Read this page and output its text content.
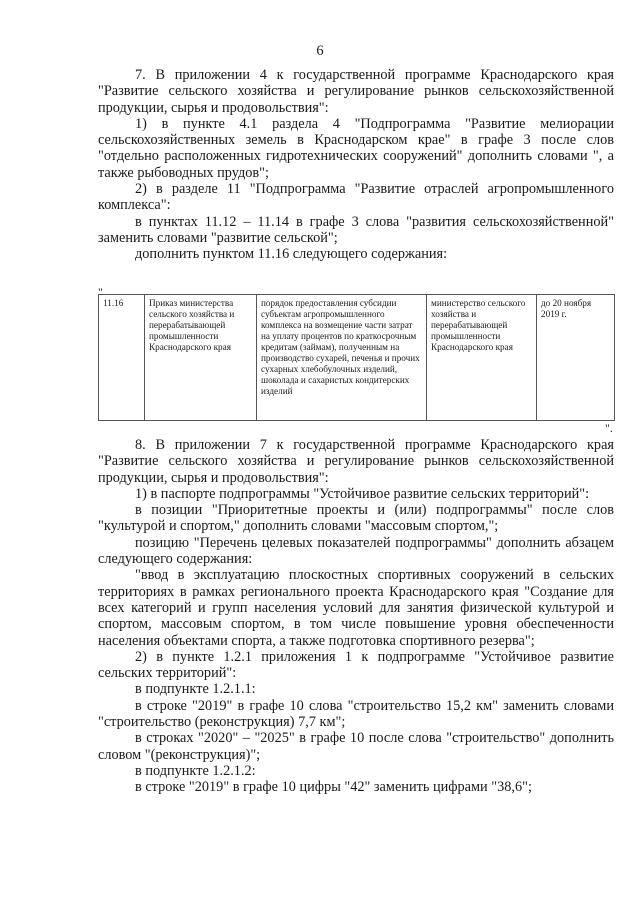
6

7. В приложении 4 к государственной программе Краснодарского края "Развитие сельского хозяйства и регулирование рынков сельскохозяйственной продукции, сырья и продовольствия":

1) в пункте 4.1 раздела 4 "Подпрограмма "Развитие мелиорации сельскохозяйственных земель в Краснодарском крае" в графе 3 после слов "отдельно расположенных гидротехнических сооружений" дополнить словами ", а также рыбоводных прудов";

2) в разделе 11 "Подпрограмма "Развитие отраслей агропромышленного комплекса":

в пунктах 11.12 – 11.14 в графе 3 слова "развития сельскохозяйственной" заменить словами "развитие сельской";

дополнить пунктом 11.16 следующего содержания:

"
11.16	Приказ министерства сельского хозяйства и перерабатывающей промышленности Краснодарского края	порядок предоставления субсидии субъектам агропромышленного комплекса на возмещение части затрат на уплату процентов по краткосрочным кредитам (займам), полученным на производство сухарей, печенья и прочих сухарных хлебобулочных изделий, шоколада и сахаристых кондитерских изделий	министерство сельского хозяйства и перерабатывающей промышленности Краснодарского края	до 20 ноября 2019 г.
".

8. В приложении 7 к государственной программе Краснодарского края "Развитие сельского хозяйства и регулирование рынков сельскохозяйственной продукции, сырья и продовольствия":

1) в паспорте подпрограммы "Устойчивое развитие сельских территорий":

в позиции "Приоритетные проекты и (или) подпрограммы" после слов "культурой и спортом," дополнить словами "массовым спортом,";

позицию "Перечень целевых показателей подпрограммы" дополнить абзацем следующего содержания:

"ввод в эксплуатацию плоскостных спортивных сооружений в сельских территориях в рамках регионального проекта Краснодарского края "Создание для всех категорий и групп населения условий для занятия физической культурой и спортом, массовым спортом, в том числе повышение уровня обеспеченности населения объектами спорта, а также подготовка спортивного резерва";

2) в пункте 1.2.1 приложения 1 к подпрограмме "Устойчивое развитие сельских территорий":

в подпункте 1.2.1.1:

в строке "2019" в графе 10 слова "строительство 15,2 км" заменить словами "строительство (реконструкция) 7,7 км";

в строках "2020" – "2025" в графе 10 после слова "строительство" дополнить словом "(реконструкция)";

в подпункте 1.2.1.2:

в строке "2019" в графе 10 цифры "42" заменить цифрами "38,6";
